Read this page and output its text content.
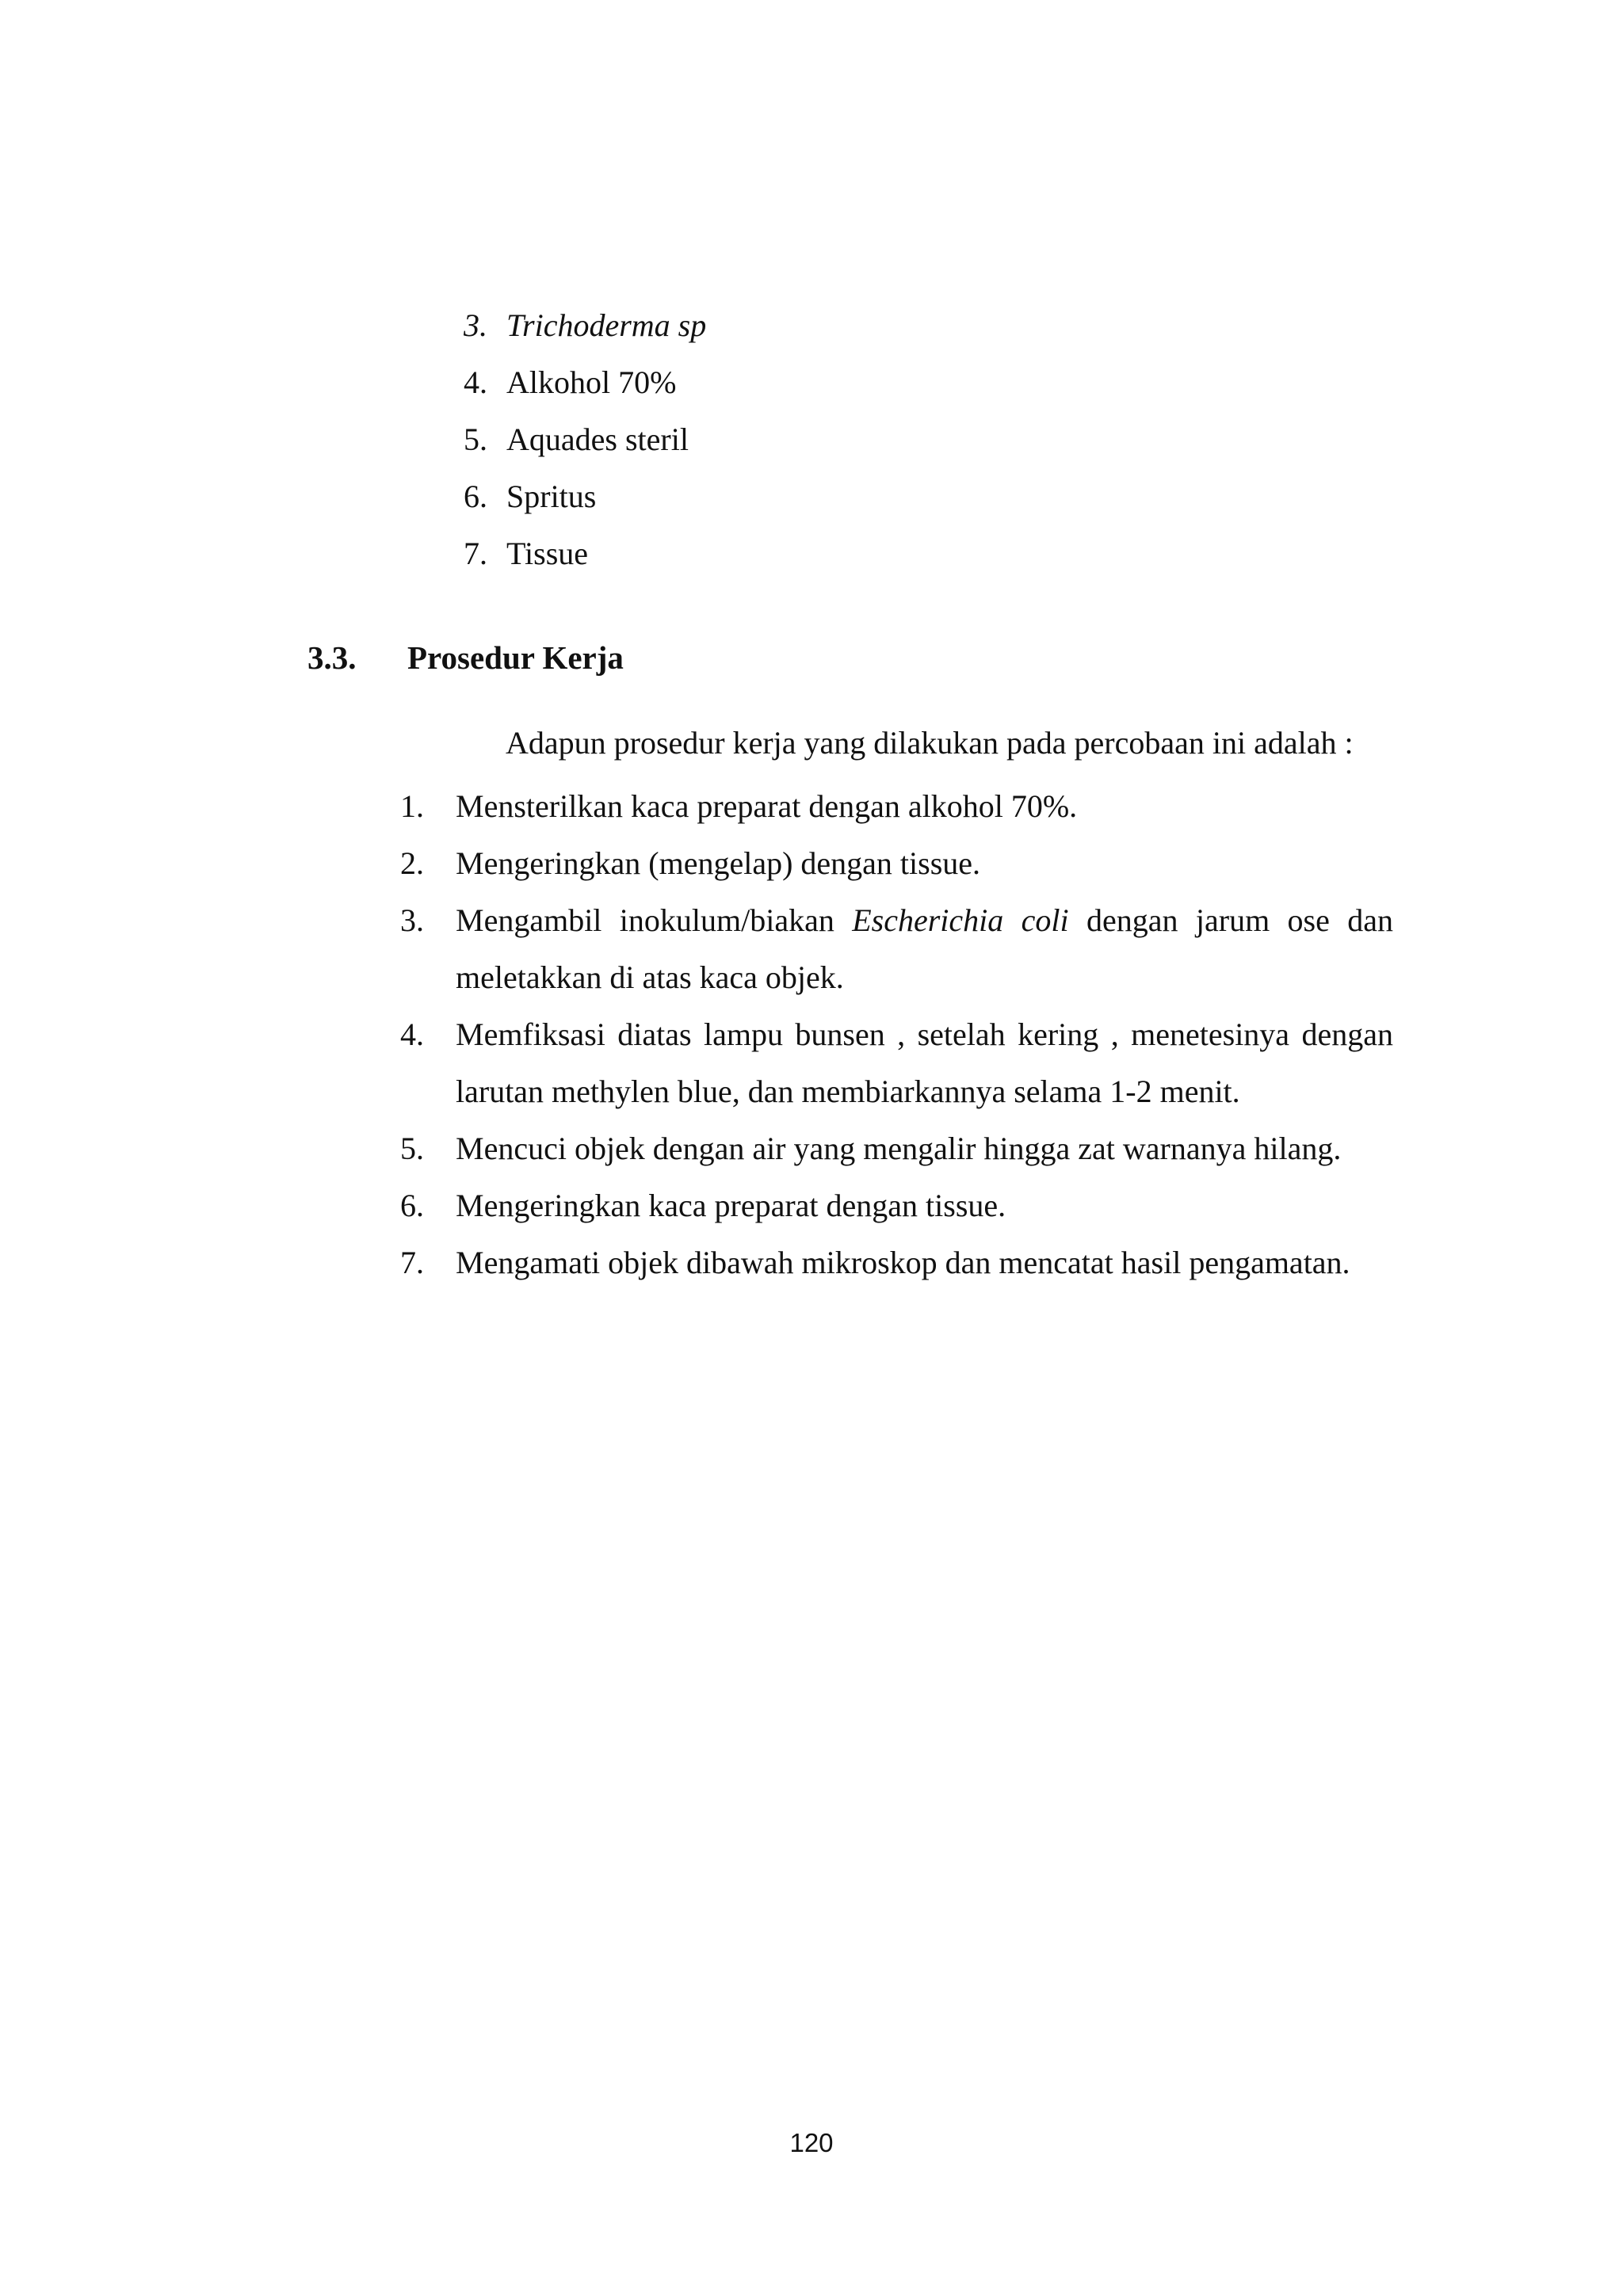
3. Trichoderma sp
4. Alkohol 70%
5. Aquades steril
6. Spritus
7. Tissue
3.3.	Prosedur Kerja
Adapun prosedur kerja yang dilakukan pada percobaan ini adalah :
1.	Mensterilkan kaca preparat dengan alkohol 70%.
2.	Mengeringkan (mengelap) dengan tissue.
3.	Mengambil inokulum/biakan Escherichia coli dengan jarum ose dan meletakkan di atas kaca objek.
4.	Memfiksasi diatas lampu bunsen , setelah kering , menetesinya dengan larutan methylen blue, dan membiarkannya selama 1-2 menit.
5.	Mencuci objek dengan air yang mengalir hingga zat warnanya hilang.
6.	Mengeringkan kaca preparat dengan tissue.
7.	Mengamati objek dibawah mikroskop dan mencatat hasil pengamatan.
120
